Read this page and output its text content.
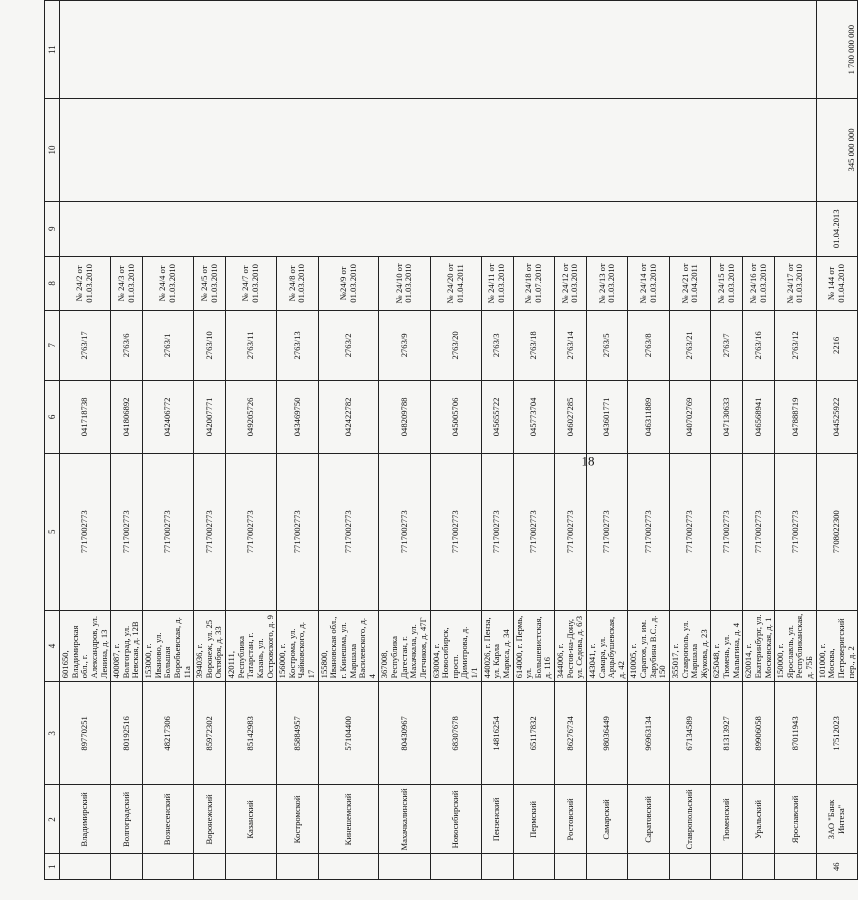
18
1	2	3	4	5	6	7	8	9	10	11
	Владимирский	89770251	601650, Владимирская обл., г. Александров, ул. Ленина, д. 13	7717002773	041718738	2763/17	№ 24/2 от 01.03.2010			
	Волгоградский	80192516	400087, г. Волгоград, ул. Невская, д. 12В	7717002773	041806892	2763/6	№ 24/3 от 01.03.2010			
	Вознесенский	48217306	153000, г. Иваново, ул. Большая Воробьевская, д. 11а	7717002773	042406772	2763/1	№ 24/4 от 01.03.2010			
	Воронежский	85972302	394036, г. Воронеж, ул. 25 Октября, д. 33	7717002773	042007771	2763/10	№ 24/5 от 01.03.2010			
	Казанский	85142983	420111, Республика Татарстан, г. Казань, ул. Островского, д. 9	7717002773	049205726	2763/11	№ 24/7 от 01.03.2010			
	Костромской	85884957	156000, г. Кострома, ул. Чайковского, д. 17	7717002773	043469750	2763/13	№ 24/8 от 01.03.2010			
	Кинешемский	57104400	155800, Ивановская обл., г. Кинешма, ул. Маршала Василевского, д. 4	7717002773	042422782	2763/2	№24/9 от 01.03.2010			
	Махачкалинский	80430967	367008, Республика Дагестан, г. Махачкала, ул. Летчиков, д. 47Г	7717002773	048209788	2763/9	№ 24/10 от 01.03.2010			
	Новосибирский	68307678	630004, г. Новосибирск, просп. Димитрова, д. 1/1	7717002773	045005706	2763/20	№ 24/20 от 01.04.2011			
	Пензенский	14816254	440026, г. Пенза, ул. Карла Маркса, д. 34	7717002773	045655722	2763/3	№ 24/11 от 01.03.2010			
	Пермский	65117832	614000, г. Пермь, ул. Большевистская, д. 116	7717002773	045773704	2763/18	№ 24/18 от 01.07.2010			
	Ростовский	86276734	344006, г. Ростов-на-Дону, ул. Седова, д. 6/3	7717002773	046027285	2763/14	№ 24/12 от 01.03.2010			
	Самарский	98036449	443041, г. Самара, ул. Арцыбушевская, д. 42	7717002773	043601771	2763/5	№ 24/13 от 01.03.2010			
	Саратовский	96963134	410005, г. Саратов, ул. им. Зарубина В.С., д. 150	7717002773	046311889	2763/8	№ 24/14 от 01.03.2010			
	Ставропольский	67134589	355017, г. Ставрополь, ул. Маршала Жукова, д. 23	7717002773	040702769	2763/21	№ 24/21 от 01.04.2011			
	Тюменский	81313927	625048, г. Тюмень, ул. Малыгина, д. 4	7717002773	047130633	2763/7	№ 24/15 от 01.03.2010			
	Уральский	89906058	620014, г. Екатеринбург, ул. Московская, д. 1	7717002773	046568941	2763/16	№ 24/16 от 01.03.2010			
	Ярославский	87011943	150000, г. Ярославль, ул. Республиканская, д. 75Б	7717002773	047888719	2763/12	№ 24/17 от 01.03.2010			
46	ЗАО "Банк Интеза"	17512023	101000, г. Москва, Петроверигский пер., д. 2	7708022300	044525922	2216	№ 144 от 01.04.2010	01.04.2013	345 000 000	1 700 000 000
